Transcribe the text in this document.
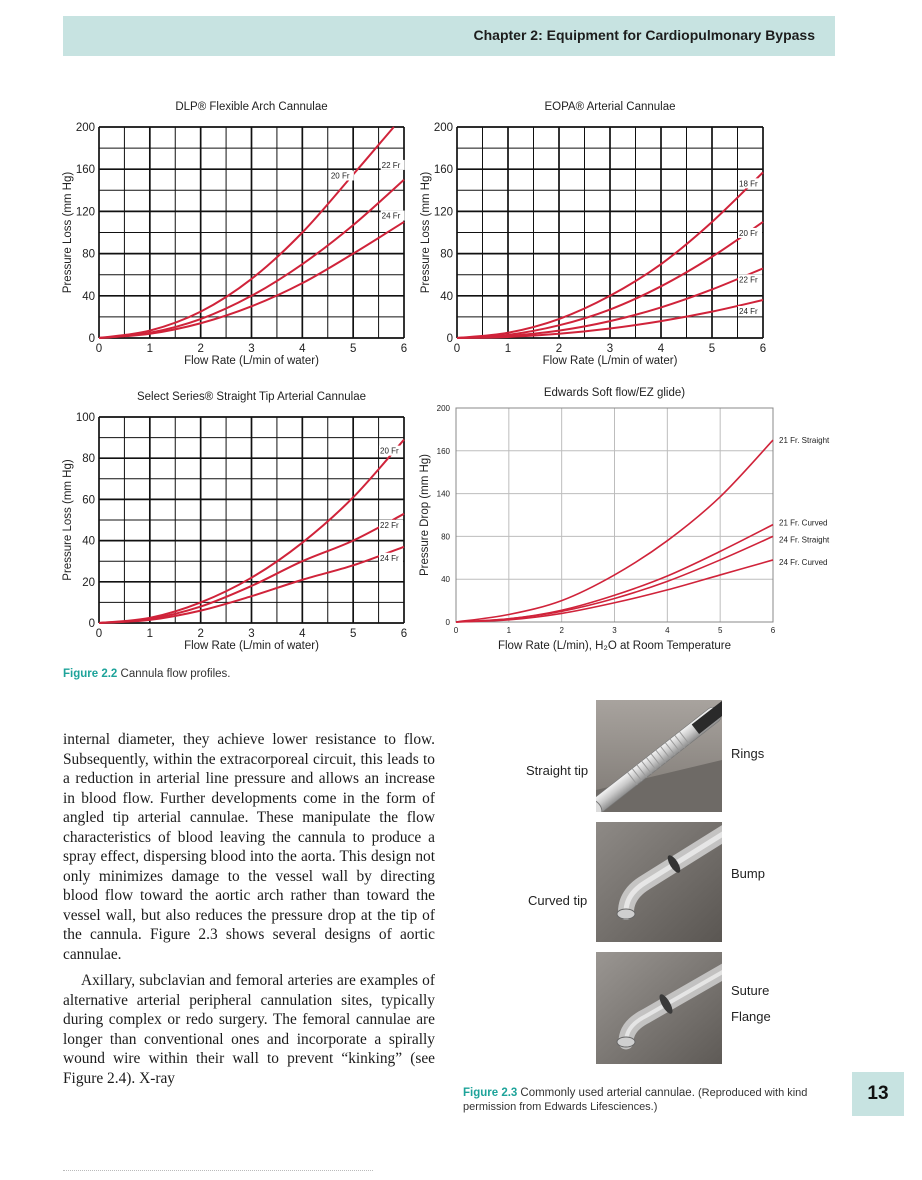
Chapter 2: Equipment for Cardiopulmonary Bypass
DLP® Flexible Arch Cannulae
0	1	2	3	4	5	6
0
40
80
120
160
200
Flow Rate (L/min of water)
Pressure Loss (mm Hg)	20 Fr
22 Fr
24 Fr
EOPA® Arterial Cannulae
0	1	2	3	4	5	6
0
40
80
120
160
200
Flow Rate (L/min of water)
Pressure Loss (mm Hg)	18 Fr
20 Fr
22 Fr
24 Fr
Select Series® Straight Tip Arterial Cannulae
0	1	2	3	4	5	6
0
20
40
60
80
100
Flow Rate (L/min of water)
Pressure Loss (mm Hg)
20 Fr
22 Fr
24 Fr
Edwards Soft flow/EZ glide)
0	1	2	3	4	5	6
0
40
80
140
160
200
Flow Rate (L/min), H₂O at Room Temperature
Pressure Drop (mm Hg)
21 Fr. Straight
21 Fr. Curved
24 Fr. Straight
24 Fr. Curved
Figure 2.2 Cannula flow profiles.

internal diameter, they achieve lower resistance to flow. Subsequently, within the extracorporeal circuit, this leads to a reduction in arterial line pressure and allows an increase in blood flow. Further developments come in the form of angled tip arterial cannulae. These manipulate the flow characteristics of blood leaving the cannula to produce a spray effect, dispersing blood into the aorta. This design not only minimizes damage to the vessel wall by directing blood flow toward the aortic arch rather than toward the vessel wall, but also reduces the pressure drop at the tip of the cannula. Figure 2.3 shows several designs of aortic cannulae.

Axillary, subclavian and femoral arteries are examples of alternative arterial peripheral cannulation sites, typically during complex or redo surgery. The femoral cannulae are longer than conventional ones and incorporate a spirally wound wire within their wall to prevent “kinking” (see Figure 2.4). X-ray

Straight tip
Rings
Curved tip
Bump
Suture
Flange
Figure 2.3 Commonly used arterial cannulae. (Reproduced with kind permission from Edwards Lifesciences.)
13
